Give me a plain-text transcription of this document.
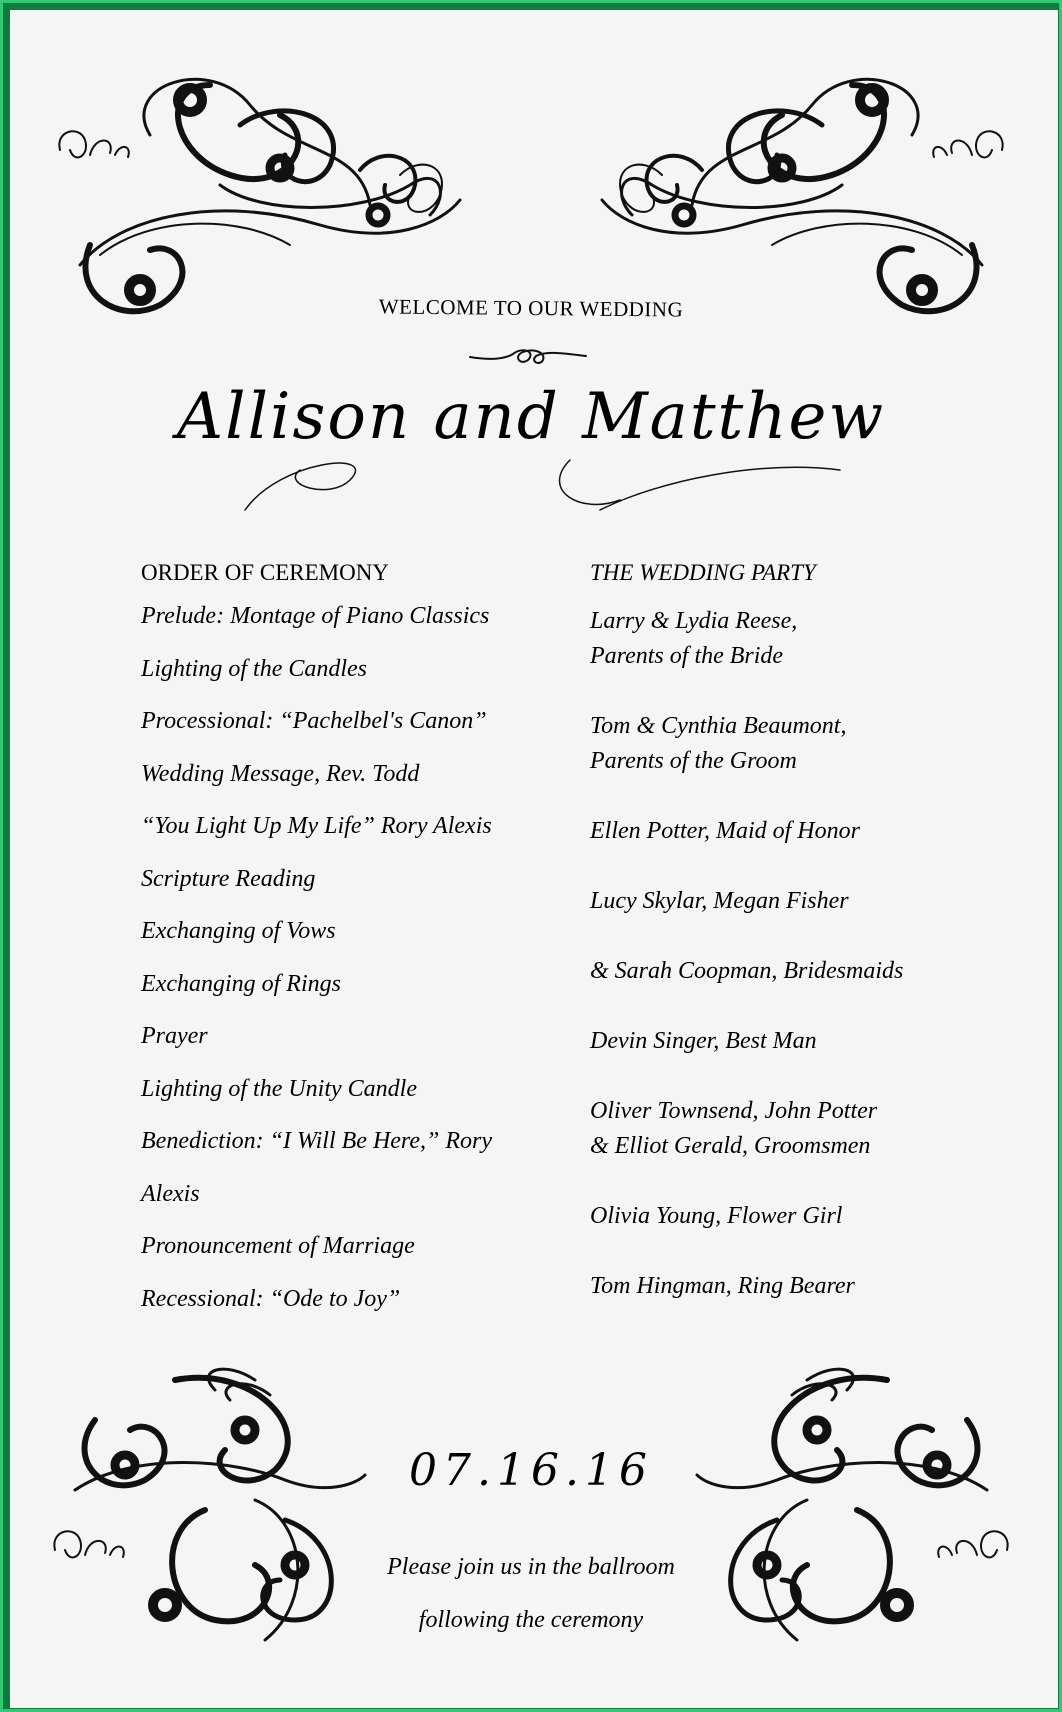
WELCOME TO OUR WEDDING
Allison and Matthew
ORDER OF CEREMONY
Prelude: Montage of Piano Classics
Lighting of the Candles
Processional: “Pachelbel's Canon”
Wedding Message, Rev. Todd
“You Light Up My Life” Rory Alexis
Scripture Reading
Exchanging of Vows
Exchanging of Rings
Prayer
Lighting of the Unity Candle
Benediction: “I Will Be Here,” Rory
Alexis
Pronouncement of Marriage
Recessional: “Ode to Joy”
THE WEDDING PARTY
Larry & Lydia Reese,
Parents of the Bride
Tom & Cynthia Beaumont,
Parents of the Groom
Ellen Potter, Maid of Honor
Lucy Skylar, Megan Fisher
& Sarah Coopman, Bridesmaids
Devin Singer, Best Man
Oliver Townsend, John Potter
& Elliot Gerald, Groomsmen
Olivia Young, Flower Girl
Tom Hingman, Ring Bearer
07.16.16
Please join us in the ballroom
following the ceremony
